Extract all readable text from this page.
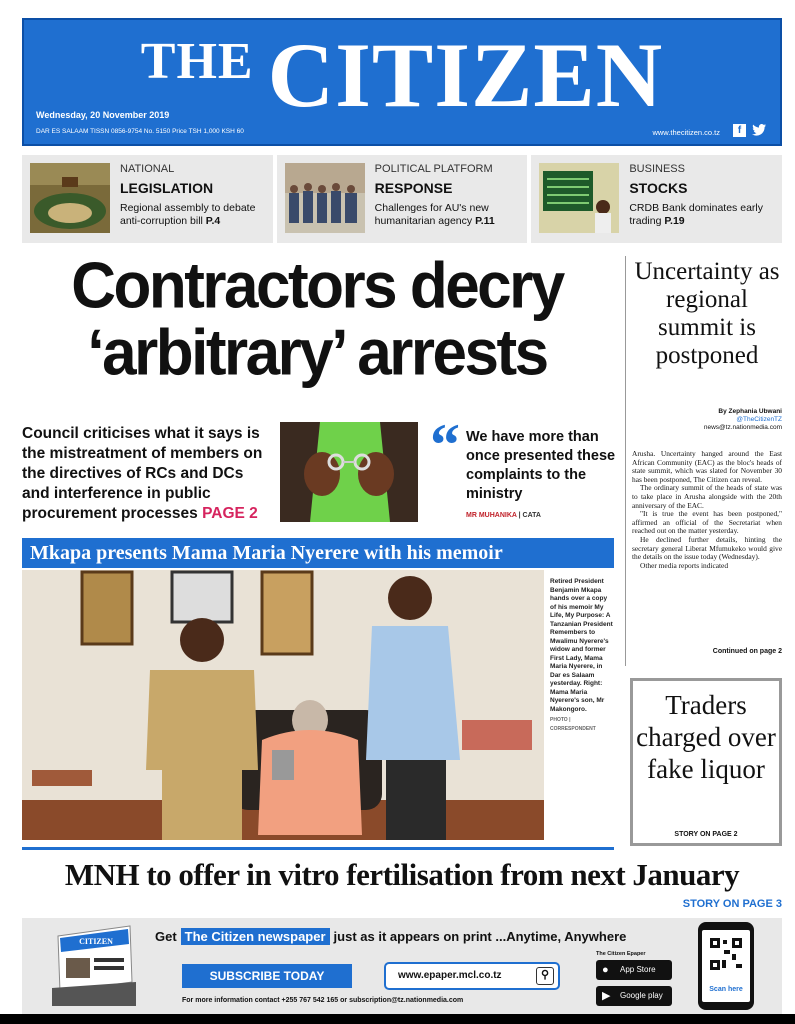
THE CITIZEN
Wednesday, 20 November 2019
DAR ES SALAAM TISSN 0856-9754 No. 5150 Price TSH 1,000 KSH 60	www.thecitizen.co.tz	f
NATIONAL
LEGISLATION
Regional assembly to debate anti-corruption bill P.4
POLITICAL PLATFORM
RESPONSE
Challenges for AU's new humanitarian agency P.11
BUSINESS
STOCKS
CRDB Bank dominates early trading P.19
Contractors decry
‘arbitrary’ arrests
Council criticises what it says is the mistreatment of members on the directives of RCs and DCs and interference in public procurement processes PAGE 2
“ We have more than once presented these complaints to the ministry
MR MUHANIKA | CATA
Mkapa presents Mama Maria Nyerere with his memoir
Retired President Benjamin Mkapa hands over a copy of his memoir My Life, My Purpose: A Tanzanian President Remembers to Mwalimu Nyerere's widow and former First Lady, Mama Maria Nyerere, in Dar es Salaam yesterday. Right: Mama Maria Nyerere's son, Mr Makongoro.
PHOTO | CORRESPONDENT
Uncertainty as regional summit is postponed
By Zephania Ubwani
@TheCitizenTZ
news@tz.nationmedia.com

Arusha. Uncertainty hanged around the East African Community (EAC) as the bloc's heads of state summit, which was slated for November 30 has been postponed, The Citizen can reveal.

The ordinary summit of the heads of state was to take place in Arusha alongside with the 20th anniversary of the EAC.

"It is true the event has been postponed," affirmed an official of the Secretariat when reached out on the matter yesterday.

He declined further details, hinting the secretary general Liberat Mfumukeko would give the details on the issue today (Wednesday).

Other media reports indicated

Continued on page 2
Traders charged over fake liquor
STORY ON PAGE 2
MNH to offer in vitro fertilisation from next January
STORY ON PAGE 3
CITIZEN	Get The Citizen newspaper just as it appears on print ...Anytime, Anywhere
SUBSCRIBE TODAY	www.epaper.mcl.co.tz	⚲
For more information contact +255 767 542 165 or subscription@tz.nationmedia.com
The Citizen Epaper
● App Store
▶ Google play
Scan here
